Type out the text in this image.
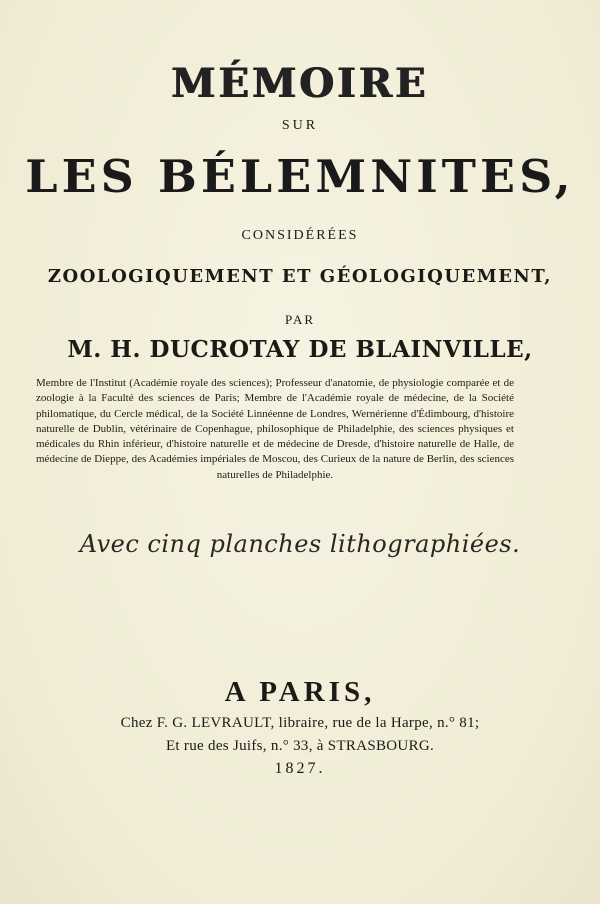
MÉMOIRE
SUR
LES BÉLEMNITES,
CONSIDÉRÉES
ZOOLOGIQUEMENT ET GÉOLOGIQUEMENT,
PAR
M. H. DUCROTAY DE BLAINVILLE,
Membre de l'Institut (Académie royale des sciences); Professeur d'anatomie, de physiologie comparée et de zoologie à la Faculté des sciences de Paris; Membre de l'Académie royale de médecine, de la Société philomatique, du Cercle médical, de la Société Linnéenne de Londres, Wernérienne d'Édimbourg, d'histoire naturelle de Dublin, vétérinaire de Copenhague, philosophique de Philadelphie, des sciences physiques et médicales du Rhin inférieur, d'histoire naturelle et de médecine de Dresde, d'histoire naturelle de Halle, de médecine de Dieppe, des Académies impériales de Moscou, des Curieux de la nature de Berlin, des sciences naturelles de Philadelphie.
Avec cinq planches lithographiées.
A PARIS,
Chez F. G. LEVRAULT, libraire, rue de la Harpe, n.° 81;
Et rue des Juifs, n.° 33, à STRASBOURG.
1827.
